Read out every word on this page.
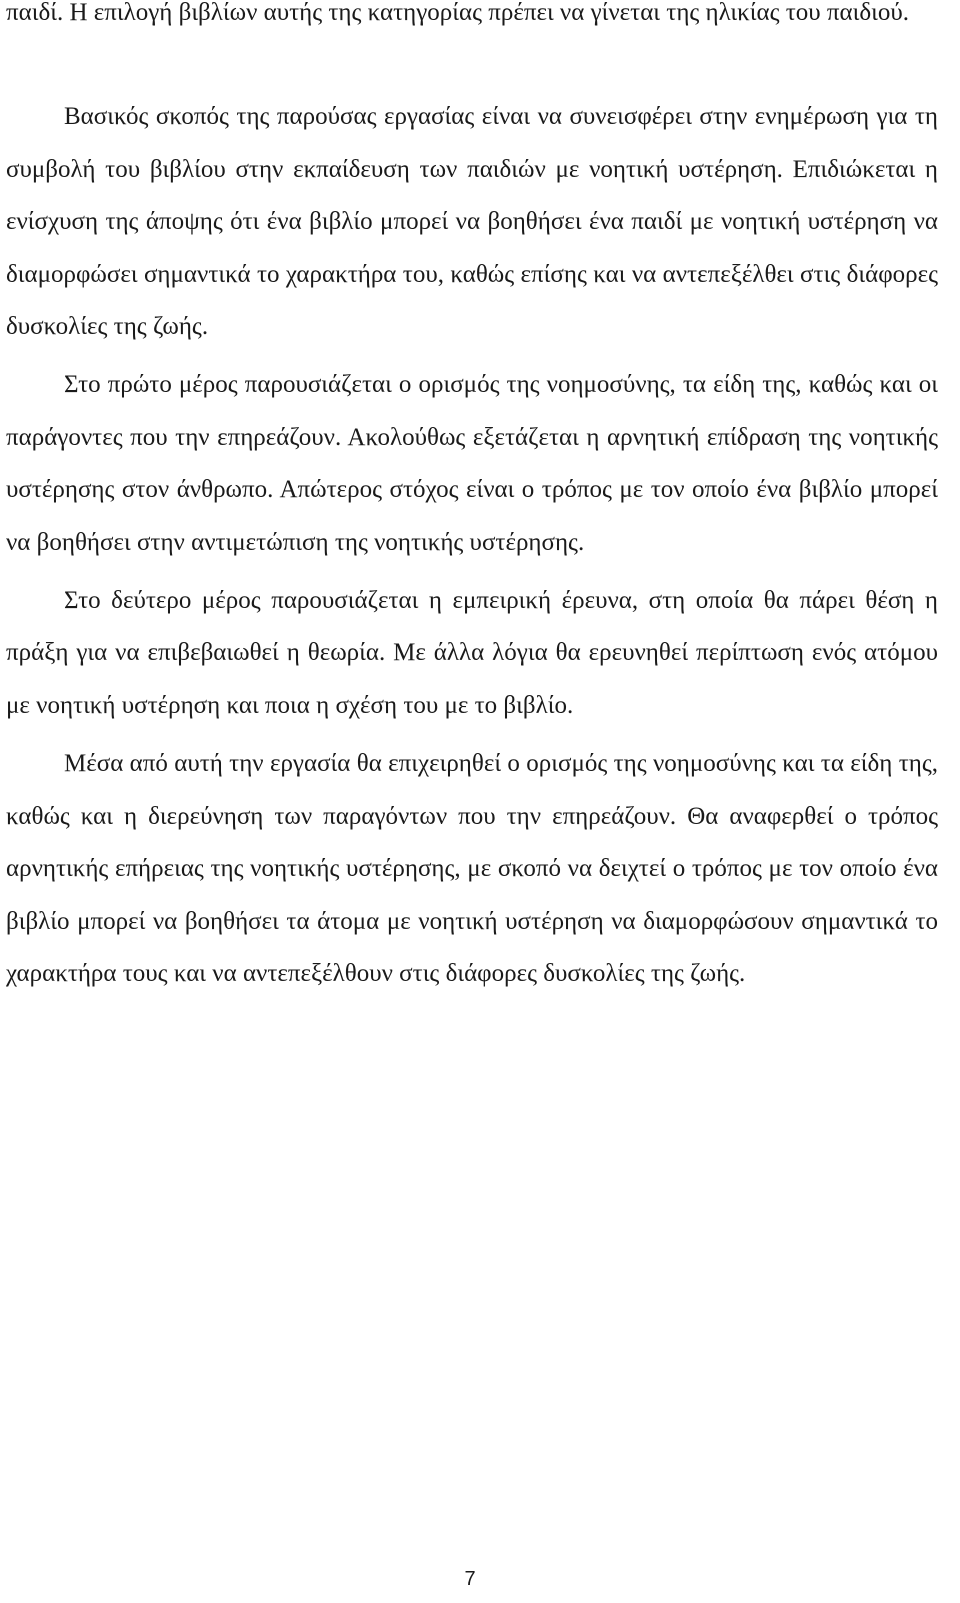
παιδί. Η επιλογή βιβλίων αυτής της κατηγορίας πρέπει να γίνεται της ηλικίας του παιδιού.

Βασικός σκοπός της παρούσας εργασίας είναι να συνεισφέρει στην ενημέρωση για τη συμβολή του βιβλίου στην εκπαίδευση των παιδιών με νοητική υστέρηση. Επιδιώκεται η ενίσχυση της άποψης ότι ένα βιβλίο μπορεί να βοηθήσει ένα παιδί με νοητική υστέρηση να διαμορφώσει σημαντικά το χαρακτήρα του, καθώς επίσης και να αντεπεξέλθει στις διάφορες δυσκολίες της ζωής.

Στο πρώτο μέρος παρουσιάζεται ο ορισμός της νοημοσύνης, τα είδη της, καθώς και οι παράγοντες που την επηρεάζουν. Ακολούθως εξετάζεται η αρνητική επίδραση της νοητικής υστέρησης στον άνθρωπο. Απώτερος στόχος είναι ο τρόπος με τον οποίο ένα βιβλίο μπορεί να βοηθήσει στην αντιμετώπιση της νοητικής υστέρησης.

Στο δεύτερο μέρος παρουσιάζεται η εμπειρική έρευνα, στη οποία θα πάρει θέση η πράξη για να επιβεβαιωθεί η θεωρία. Με άλλα λόγια θα ερευνηθεί περίπτωση ενός ατόμου με νοητική υστέρηση και ποια η σχέση του με το βιβλίο.

Μέσα από αυτή την εργασία θα επιχειρηθεί ο ορισμός της νοημοσύνης και τα είδη της, καθώς και η διερεύνηση των παραγόντων που την επηρεάζουν. Θα αναφερθεί ο τρόπος αρνητικής επήρειας της νοητικής υστέρησης, με σκοπό να δειχτεί ο τρόπος με τον οποίο ένα βιβλίο μπορεί να βοηθήσει τα άτομα με νοητική υστέρηση να διαμορφώσουν σημαντικά το χαρακτήρα τους και να αντεπεξέλθουν στις διάφορες δυσκολίες της ζωής.

7
